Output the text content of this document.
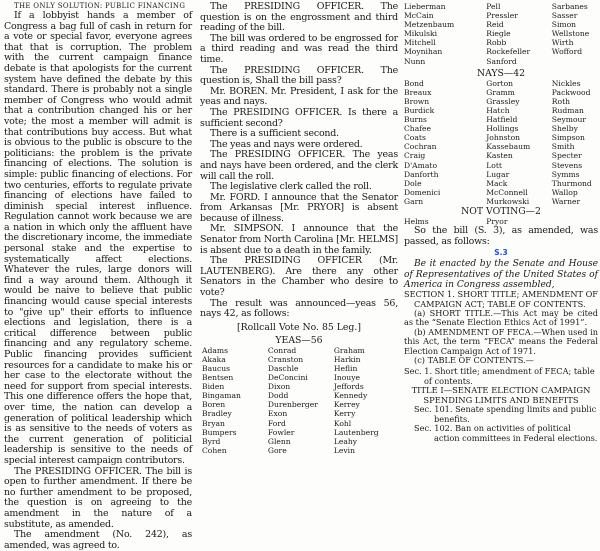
THE ONLY SOLUTION: PUBLIC FINANCING

If a lobbyist hands a member of Congress a bag full of cash in return for a vote or special favor, everyone agrees that that is corruption. The problem with the current campaign finance debate is that apologists for the current system have defined the debate by this standard. There is probably not a single member of Congress who would admit that a contribution changed his or her vote; the most a member will admit is that contributions buy access. But what is obvious to the public is obscure to the politicians: the problem is the private financing of elections. The solution is simple: public financing of elections. For two centuries, efforts to regulate private financing of elections have failed to diminish special interest influence. Regulation cannot work because we are a nation in which only the affluent have the discretionary income, the immediate personal stake and the expertise to systematically affect elections. Whatever the rules, large donors will find a way around them. Although it would be naive to believe that public financing would cause special interests to "give up" their efforts to influence elections and legislation, there is a critical difference between public financing and any regulatory scheme. Public financing provides sufficient resources for a candidate to make his or her case to the electorate without the need for support from special interests. This one difference offers the hope that, over time, the nation can develop a generation of political leadership which is as sensitive to the needs of voters as the current generation of politicial leadership is sensitive to the needs of special interest campaign contributors.

The PRESIDING OFFICER. The bill is open to further amendment. If there be no further amendment to be proposed, the question is on agreeing to the amendment in the nature of a substitute, as amended.

The amendment (No. 242), as amended, was agreed to.

The PRESIDING OFFICER. The question is on the engrossment and third reading of the bill.

The bill was ordered to be engrossed for a third reading and was read the third time.

The PRESIDING OFFICER. The question is, Shall the bill pass?

Mr. BOREN. Mr. President, I ask for the yeas and nays.

The PRESIDING OFFICER. Is there a sufficient second?

There is a sufficient second.

The yeas and nays were ordered.

The PRESIDING OFFICER. The yeas and nays have been ordered, and the clerk will call the roll.

The legislative clerk called the roll.

Mr. FORD. I announce that the Senator from Arkansas [Mr. PRYOR] is absent because of illness.

Mr. SIMPSON. I announce that the Senator from North Carolina [Mr. HELMS] is absent due to a death in the family.

The PRESIDING OFFICER (Mr. LAUTENBERG). Are there any other Senators in the Chamber who desire to vote?

The result was announced—yeas 56, nays 42, as follows:

[Rollcall Vote No. 85 Leg.]
YEAS—56
Adams
Akaka
Baucus
Bentsen
Biden
Bingaman
Boren
Bradley
Bryan
Bumpers
Byrd
Cohen
Conrad
Cranston
Daschle
DeConcini
Dixon
Dodd
Durenberger
Exon
Ford
Fowler
Glenn
Gore
Graham
Harkin
Heflin
Inouye
Jeffords
Kennedy
Kerrey
Kerry
Kohl
Lautenberg
Leahy
Levin
Lieberman
McCain
Metzenbaum
Mikulski
Mitchell
Moynihan
Nunn
Pell
Pressler
Reid
Riegle
Robb
Rockefeller
Sanford
Sarbanes
Sasser
Simon
Wellstone
Wirth
Wofford
NAYS—42
Bond
Breaux
Brown
Burdick
Burns
Chafee
Coats
Cochran
Craig
D'Amato
Danforth
Dole
Domenici
Garn
Gorton
Gramm
Grassley
Hatch
Hatfield
Hollings
Johnston
Kassebaum
Kasten
Lott
Lugar
Mack
McConnell
Murkowski
Nickles
Packwood
Roth
Rudman
Seymour
Shelby
Simpson
Smith
Specter
Stevens
Symms
Thurmond
Wallop
Warner
NOT VOTING—2
Helms	Pryor

So the bill (S. 3), as amended, was passed, as follows:

S.3

Be it enacted by the Senate and House of Representatives of the United States of America in Congress assembled,

SECTION 1. SHORT TITLE; AMENDMENT OF CAMPAIGN ACT; TABLE OF CONTENTS.

(a) SHORT TITLE.—This Act may be cited as the “Senate Election Ethics Act of 1991”.

(b) AMENDMENT OF FECA.—When used in this Act, the term “FECA” means the Federal Election Campaign Act of 1971.

(c) TABLE OF CONTENTS.—

Sec. 1. Short title; amendment of FECA; table of contents.

TITLE I—SENATE ELECTION CAMPAIGN SPENDING LIMITS AND BENEFITS

Sec. 101. Senate spending limits and public benefits.

Sec. 102. Ban on activities of political action committees in Federal elections.
